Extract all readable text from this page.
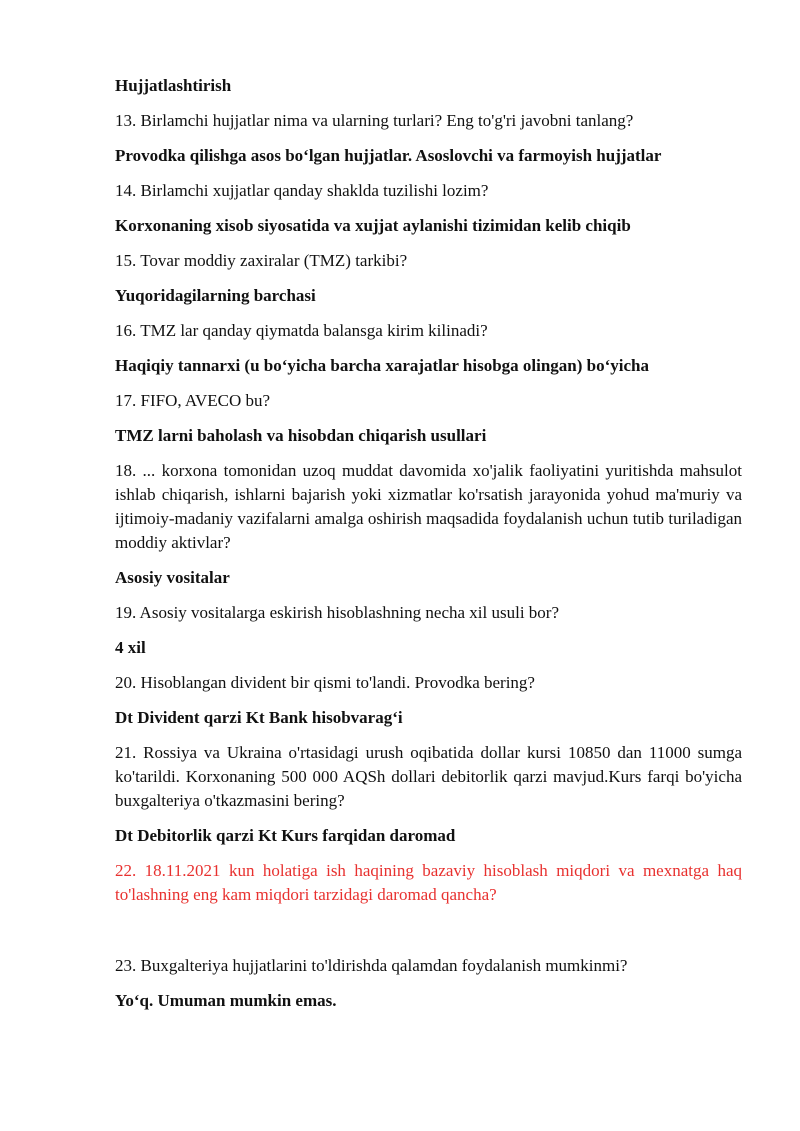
Hujjatlashtirish

13. Birlamchi hujjatlar nima va ularning turlari? Eng to'g'ri javobni tanlang?

Provodka qilishga asos bo‘lgan hujjatlar. Asoslovchi va farmoyish hujjatlar

14. Birlamchi xujjatlar qanday shaklda tuzilishi lozim?

Korxonaning xisob siyosatida va xujjat aylanishi tizimidan kelib chiqib

15. Tovar moddiy zaxiralar (TMZ) tarkibi?

Yuqoridagilarning barchasi

16. TMZ lar qanday qiymatda balansga kirim kilinadi?

Haqiqiy tannarxi (u bo‘yicha barcha xarajatlar hisobga olingan) bo‘yicha

17. FIFO, AVECO bu?

TMZ larni baholash va hisobdan chiqarish usullari

18. ... korxona tomonidan uzoq muddat davomida xo'jalik faoliyatini yuritishda mahsulot ishlab chiqarish, ishlarni bajarish yoki xizmatlar ko'rsatish jarayonida yohud ma'muriy va ijtimoiy-madaniy vazifalarni amalga oshirish maqsadida foydalanish uchun tutib turiladigan moddiy aktivlar?

Asosiy vositalar

19. Asosiy vositalarga eskirish hisoblashning necha xil usuli bor?

4 xil

20. Hisoblangan divident bir qismi to'landi. Provodka bering?

Dt Divident qarzi Kt Bank hisobvarag‘i

21. Rossiya va Ukraina o'rtasidagi urush oqibatida dollar kursi 10850 dan 11000 sumga ko'tarildi. Korxonaning 500 000 AQSh dollari debitorlik qarzi mavjud.Kurs farqi bo'yicha buxgalteriya o'tkazmasini bering?

Dt Debitorlik qarzi Kt Kurs farqidan daromad

22. 18.11.2021 kun holatiga ish haqining bazaviy hisoblash miqdori va mexnatga haq to'lashning eng kam miqdori tarzidagi daromad qancha?

23. Buxgalteriya hujjatlarini to'ldirishda qalamdan foydalanish mumkinmi?

Yo‘q. Umuman mumkin emas.
